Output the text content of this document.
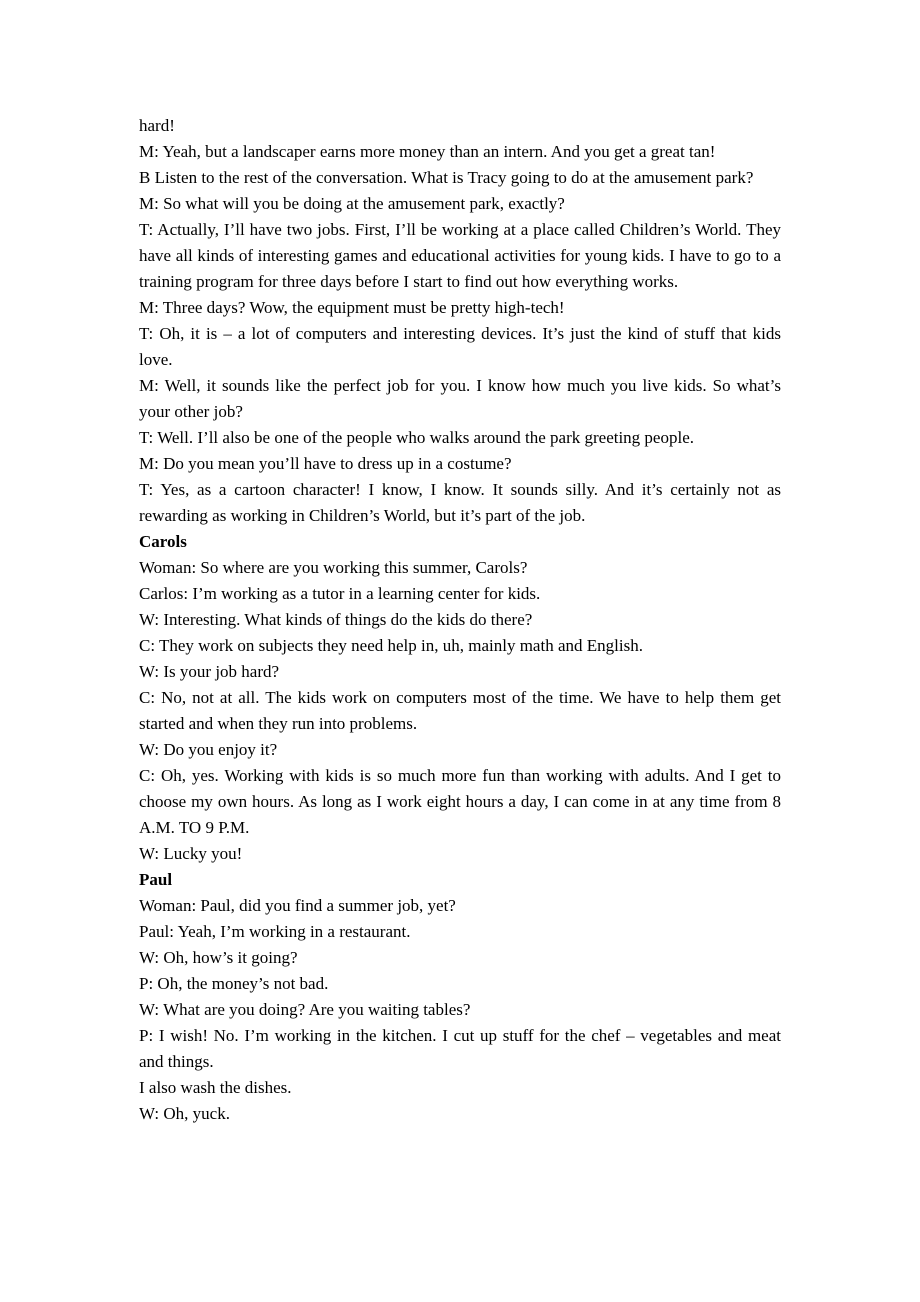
hard!

M: Yeah, but a landscaper earns more money than an intern. And you get a great tan!

B Listen to the rest of the conversation. What is Tracy going to do at the amusement park?

M: So what will you be doing at the amusement park, exactly?

T: Actually, I’ll have two jobs. First, I’ll be working at a place called Children’s World. They have all kinds of interesting games and educational activities for young kids. I have to go to a training program for three days before I start to find out how everything works.

M: Three days? Wow, the equipment must be pretty high-tech!

T: Oh, it is – a lot of computers and interesting devices. It’s just the kind of stuff that kids love.

M: Well, it sounds like the perfect job for you. I know how much you live kids. So what’s your other job?

T: Well. I’ll also be one of the people who walks around the park greeting people.

M: Do you mean you’ll have to dress up in a costume?

T: Yes, as a cartoon character! I know, I know. It sounds silly. And it’s certainly not as rewarding as working in Children’s World, but it’s part of the job.

Carols

Woman: So where are you working this summer, Carols?

Carlos: I’m working as a tutor in a learning center for kids.

W: Interesting. What kinds of things do the kids do there?

C: They work on subjects they need help in, uh, mainly math and English.

W: Is your job hard?

C: No, not at all. The kids work on computers most of the time. We have to help them get started and when they run into problems.

W: Do you enjoy it?

C: Oh, yes. Working with kids is so much more fun than working with adults. And I get to choose my own hours. As long as I work eight hours a day, I can come in at any time from 8 A.M. TO 9 P.M.

W: Lucky you!

Paul

Woman: Paul, did you find a summer job, yet?

Paul: Yeah, I’m working in a restaurant.

W: Oh, how’s it going?

P: Oh, the money’s not bad.

W: What are you doing? Are you waiting tables?

P: I wish! No. I’m working in the kitchen. I cut up stuff for the chef – vegetables and meat and things.

I also wash the dishes.

W: Oh, yuck.
